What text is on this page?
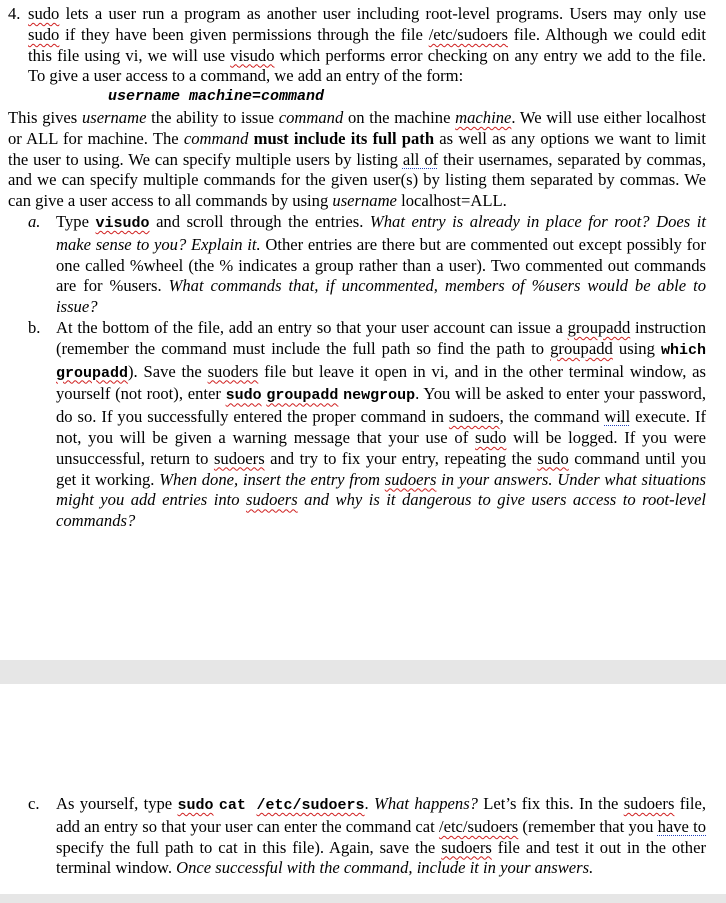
4. sudo lets a user run a program as another user including root-level programs. Users may only use sudo if they have been given permissions through the file /etc/sudoers file. Although we could edit this file using vi, we will use visudo which performs error checking on any entry we add to the file. To give a user access to a command, we add an entry of the form:

username machine=command

This gives username the ability to issue command on the machine machine. We will use either localhost or ALL for machine. The command must include its full path as well as any options we want to limit the user to using. We can specify multiple users by listing all of their usernames, separated by commas, and we can specify multiple commands for the given user(s) by listing them separated by commas. We can give a user access to all commands by using username localhost=ALL.

a. Type visudo and scroll through the entries. What entry is already in place for root? Does it make sense to you? Explain it. Other entries are there but are commented out except possibly for one called %wheel (the % indicates a group rather than a user). Two commented out commands are for %users. What commands that, if uncommented, members of %users would be able to issue?

b. At the bottom of the file, add an entry so that your user account can issue a groupadd instruction (remember the command must include the full path so find the path to groupadd using which groupadd). Save the suoders file but leave it open in vi, and in the other terminal window, as yourself (not root), enter sudo groupadd newgroup. You will be asked to enter your password, do so. If you successfully entered the proper command in sudoers, the command will execute. If not, you will be given a warning message that your use of sudo will be logged. If you were unsuccessful, return to sudoers and try to fix your entry, repeating the sudo command until you get it working. When done, insert the entry from sudoers in your answers. Under what situations might you add entries into sudoers and why is it dangerous to give users access to root-level commands?

c. As yourself, type sudo cat /etc/sudoers. What happens? Let’s fix this. In the sudoers file, add an entry so that your user can enter the command cat /etc/sudoers (remember that you have to specify the full path to cat in this file). Again, save the sudoers file and test it out in the other terminal window. Once successful with the command, include it in your answers.
